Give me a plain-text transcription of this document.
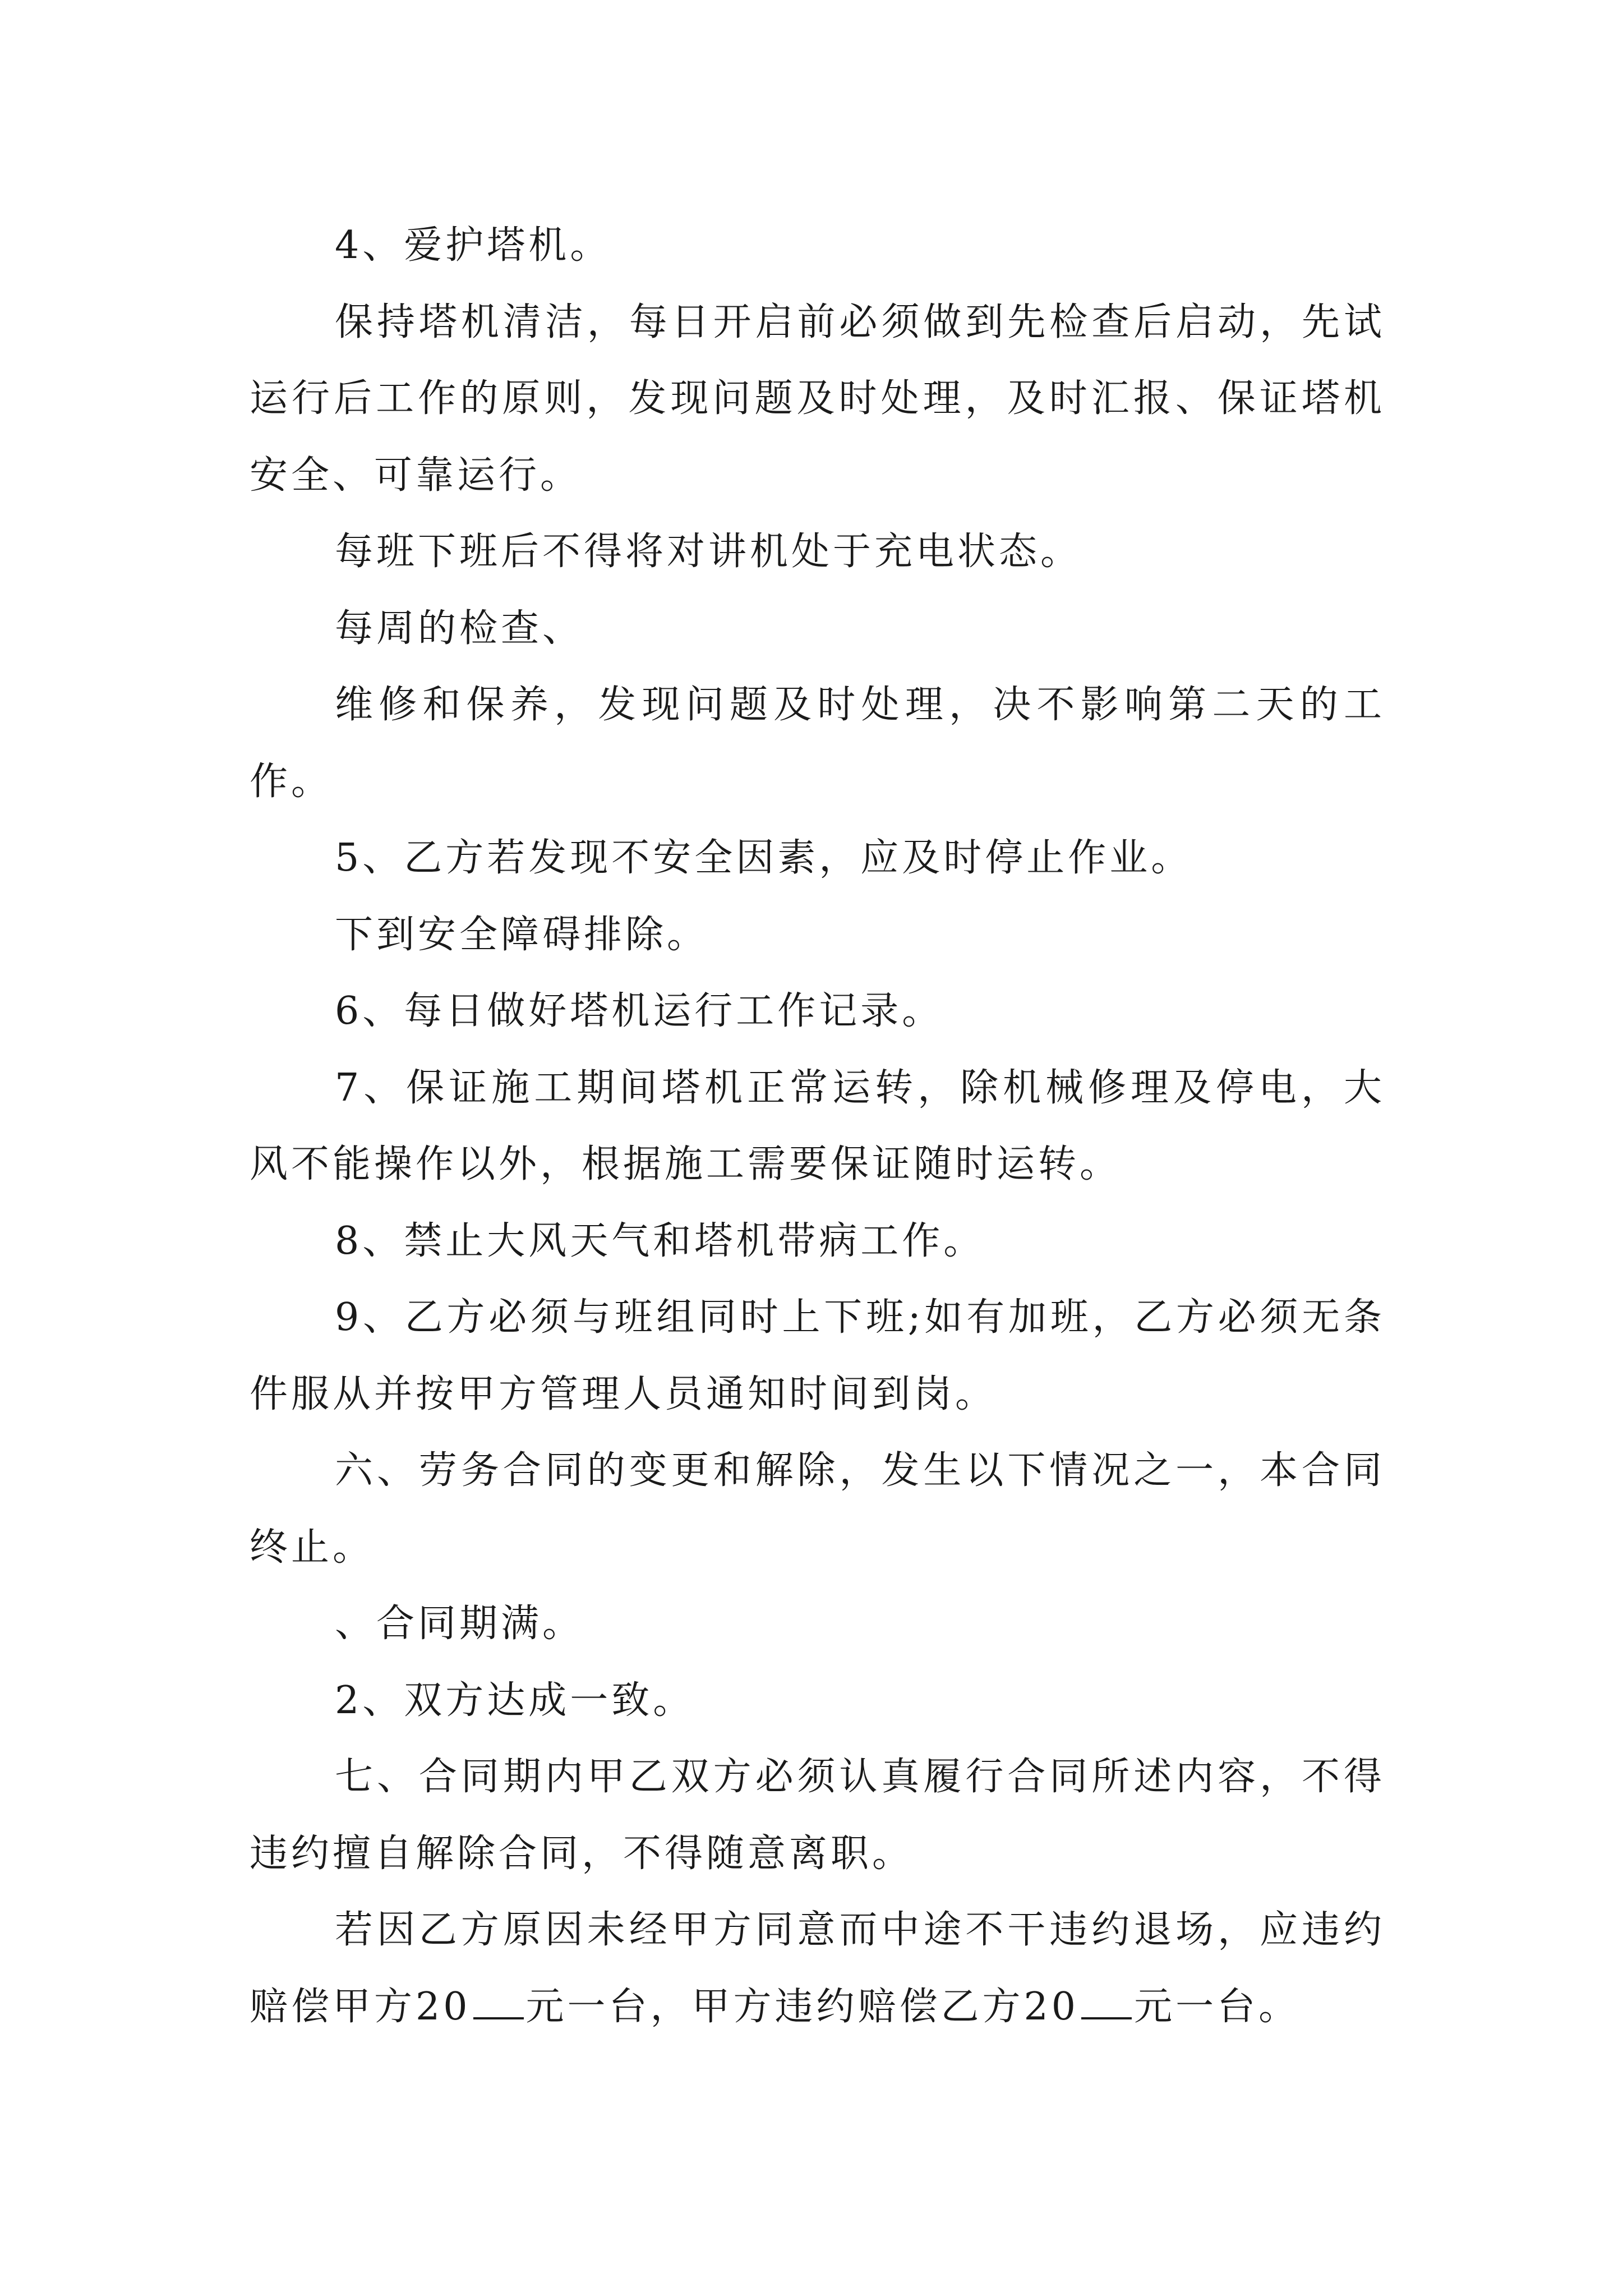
4、爱护塔机。

保持塔机清洁，每日开启前必须做到先检查后启动，先试运行后工作的原则，发现问题及时处理，及时汇报、保证塔机安全、可靠运行。

每班下班后不得将对讲机处于充电状态。

每周的检查、

维修和保养，发现问题及时处理，决不影响第二天的工作。

5、乙方若发现不安全因素，应及时停止作业。

下到安全障碍排除。

6、每日做好塔机运行工作记录。

7、保证施工期间塔机正常运转，除机械修理及停电，大风不能操作以外，根据施工需要保证随时运转。

8、禁止大风天气和塔机带病工作。

9、乙方必须与班组同时上下班;如有加班，乙方必须无条件服从并按甲方管理人员通知时间到岗。

六、劳务合同的变更和解除，发生以下情况之一，本合同终止。

、合同期满。

2、双方达成一致。

七、合同期内甲乙双方必须认真履行合同所述内容，不得违约擅自解除合同，不得随意离职。

若因乙方原因未经甲方同意而中途不干违约退场，应违约赔偿甲方20 元一台，甲方违约赔偿乙方20 元一台。
